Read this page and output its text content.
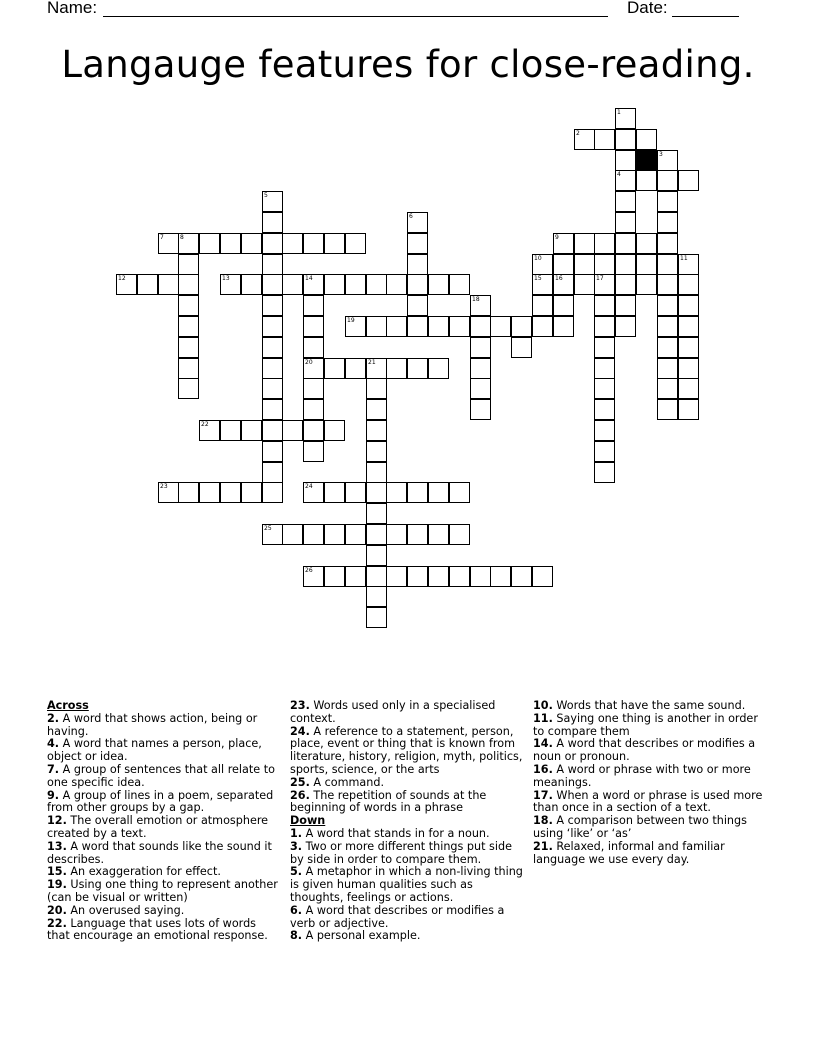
Name:	Date:
Langauge features for close-reading.
1
2
3
4
5
6
7	8	9
10	11
12	13	14	15 16	17
18
19
20	21
22
23	24
25
26
Across
2. A word that shows action, being or having.
4. A word that names a person, place, object or idea.
7. A group of sentences that all relate to one specific idea.
9. A group of lines in a poem, separated from other groups by a gap.
12. The overall emotion or atmosphere created by a text.
13. A word that sounds like the sound it describes.
15. An exaggeration for effect.
19. Using one thing to represent another (can be visual or written)
20. An overused saying.
22. Language that uses lots of words that encourage an emotional response.
23. Words used only in a specialised context.
24. A reference to a statement, person, place, event or thing that is known from literature, history, religion, myth, politics, sports, science, or the arts
25. A command.
26. The repetition of sounds at the beginning of words in a phrase
Down
1. A word that stands in for a noun.
3. Two or more different things put side by side in order to compare them.
5. A metaphor in which a non-living thing is given human qualities such as thoughts, feelings or actions.
6. A word that describes or modifies a verb or adjective.
8. A personal example.
10. Words that have the same sound.
11. Saying one thing is another in order to compare them
14. A word that describes or modifies a noun or pronoun.
16. A word or phrase with two or more meanings.
17. When a word or phrase is used more than once in a section of a text.
18. A comparison between two things using ‘like’ or ‘as’
21. Relaxed, informal and familiar language we use every day.
